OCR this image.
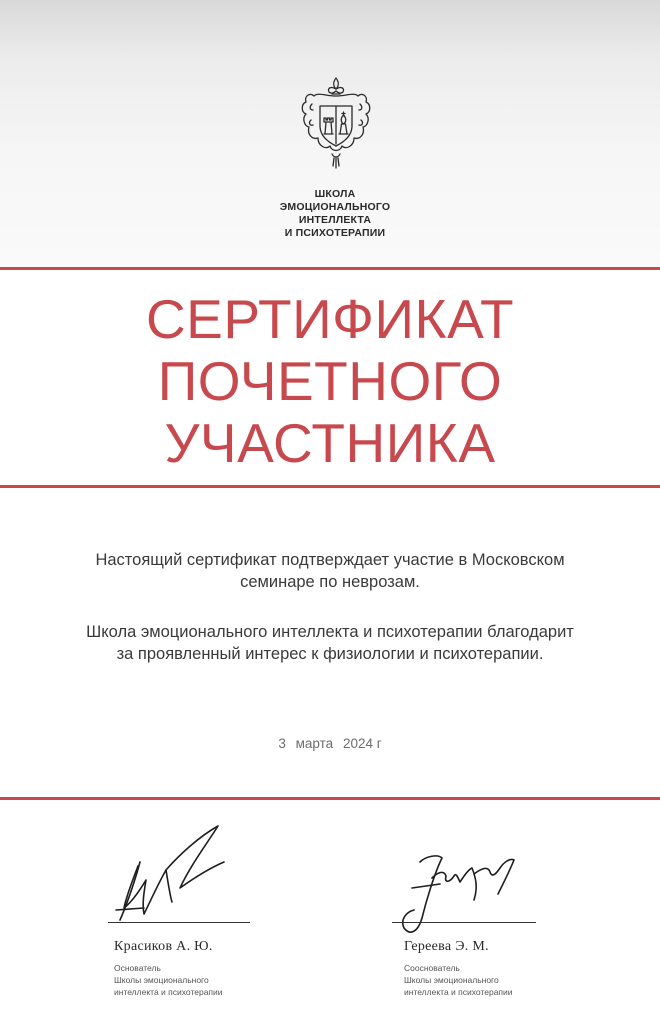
ШКОЛА
ЭМОЦИОНАЛЬНОГО
ИНТЕЛЛЕКТА
И ПСИХОТЕРАПИИ
СЕРТИФИКАТ
ПОЧЕТНОГО
УЧАСТНИКА
Настоящий сертификат подтверждает участие в Московском
семинаре по неврозам.
Школа эмоционального интеллекта и психотерапии благодарит
за проявленный интерес к физиологии и психотерапии.
3 марта 2024 г
Красиков А. Ю.
Основатель
Школы эмоционального
интеллекта и психотерапии
Гереева Э. М.
Сооснователь
Школы эмоционального
интеллекта и психотерапии
